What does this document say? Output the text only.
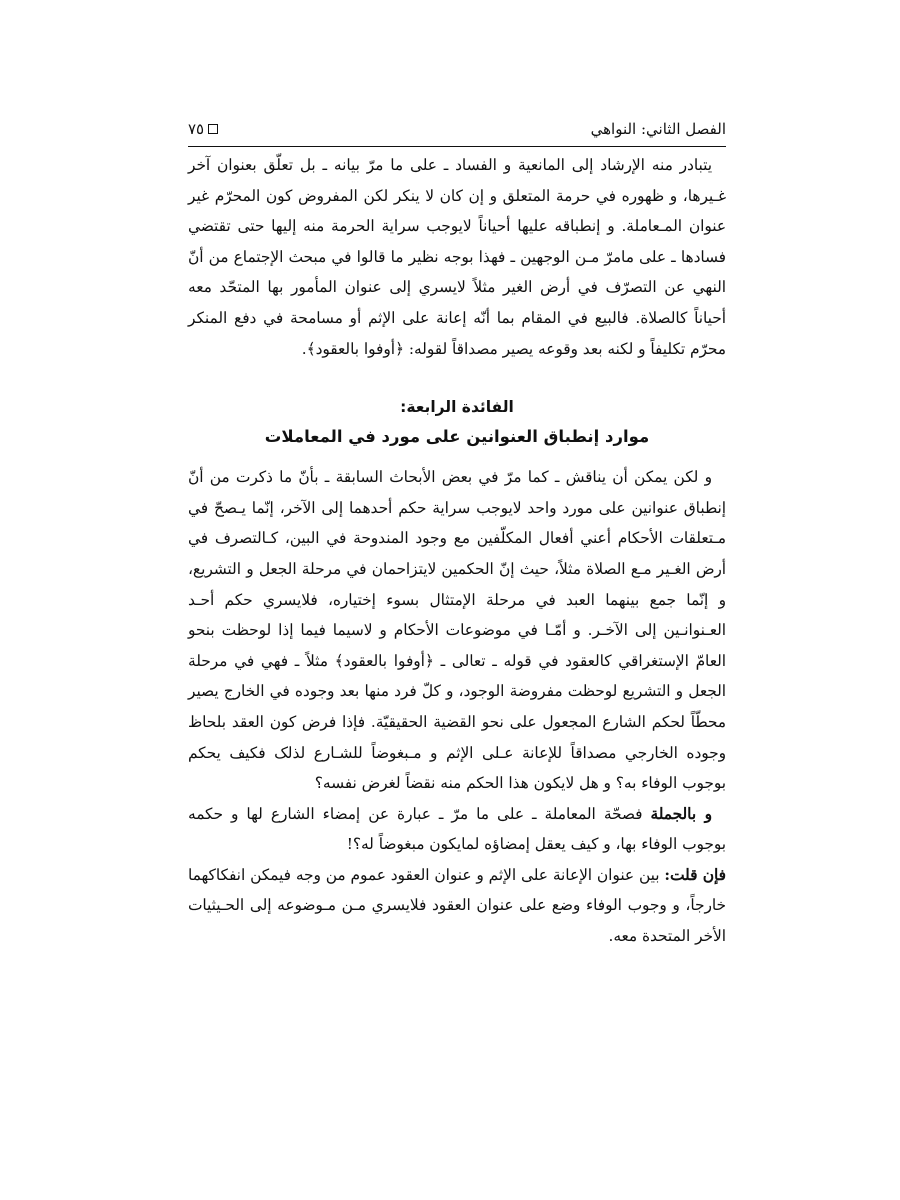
الفصل الثاني: النواهي
٧٥

يتبادر منه الإرشاد إلى المانعية و الفساد ـ على ما مرّ بيانه ـ بل تعلّق بعنوان آخر غـيرها، و ظهوره في حرمة المتعلق و إن كان لا ينكر لكن المفروض كون المحرّم غير عنوان المـعاملة. و إنطباقه عليها أحياناً لايوجب سراية الحرمة منه إليها حتى تقتضي فسادها ـ على مامرّ مـن الوجهين ـ فهذا بوجه نظير ما قالوا في مبحث الإجتماع من أنّ النهي عن التصرّف في أرض الغير مثلاً لايسري إلى عنوان المأمور بها المتحّد معه أحياناً كالصلاة. فالبيع في المقام بما أنّه إعانة على الإثم أو مسامحة في دفع المنكر محرّم تكليفاً و لكنه بعد وقوعه يصير مصداقاً لقوله: ﴿أوفوا بالعقود﴾.

الفائدة الرابعة:
موارد إنطباق العنوانين على مورد في المعاملات

و لكن يمكن أن يناقش ـ كما مرّ في بعض الأبحاث السابقة ـ بأنّ ما ذكرت من أنّ إنطباق عنوانين على مورد واحد لايوجب سراية حكم أحدهما إلى الآخر، إنّما يـصحّ في مـتعلقات الأحكام أعني أفعال المكلّفين مع وجود المندوحة في البين، كـالتصرف في أرض الغـير مـع الصلاة مثلاً، حيث إنّ الحكمين لايتزاحمان في مرحلة الجعل و التشريع، و إنّما جمع بينهما العبد في مرحلة الإمتثال بسوء إختياره، فلايسري حكم أحـد العـنوانـين إلى الآخـر. و أمّـا في موضوعات الأحكام و لاسيما فيما إذا لوحظت بنحو العامّ الإستغراقي كالعقود في قوله ـ تعالى ـ ﴿أوفوا بالعقود﴾ مثلاً ـ فهي في مرحلة الجعل و التشريع لوحظت مفروضة الوجود، و كلّ فرد منها بعد وجوده في الخارج يصير محطّاً لحكم الشارع المجعول على نحو القضية الحقيقيّة. فإذا فرض كون العقد بلحاظ وجوده الخارجي مصداقاً للإعانة عـلى الإثم و مـبغوضاً للشـارع لذلک فكيف يحكم بوجوب الوفاء به؟ و هل لايكون هذا الحكم منه نقضاً لغرض نفسه؟

و بالجملة فصحّة المعاملة ـ على ما مرّ ـ عبارة عن إمضاء الشارع لها و حكمه بوجوب الوفاء بها، و كيف يعقل إمضاؤه لمايكون مبغوضاً له؟!

فإن قلت: بين عنوان الإعانة على الإثم و عنوان العقود عموم من وجه فيمكن انفكاكهما خارجاً، و وجوب الوفاء وضع على عنوان العقود فلايسري مـن مـوضوعه إلى الحـيثيات الأخر المتحدة معه.
